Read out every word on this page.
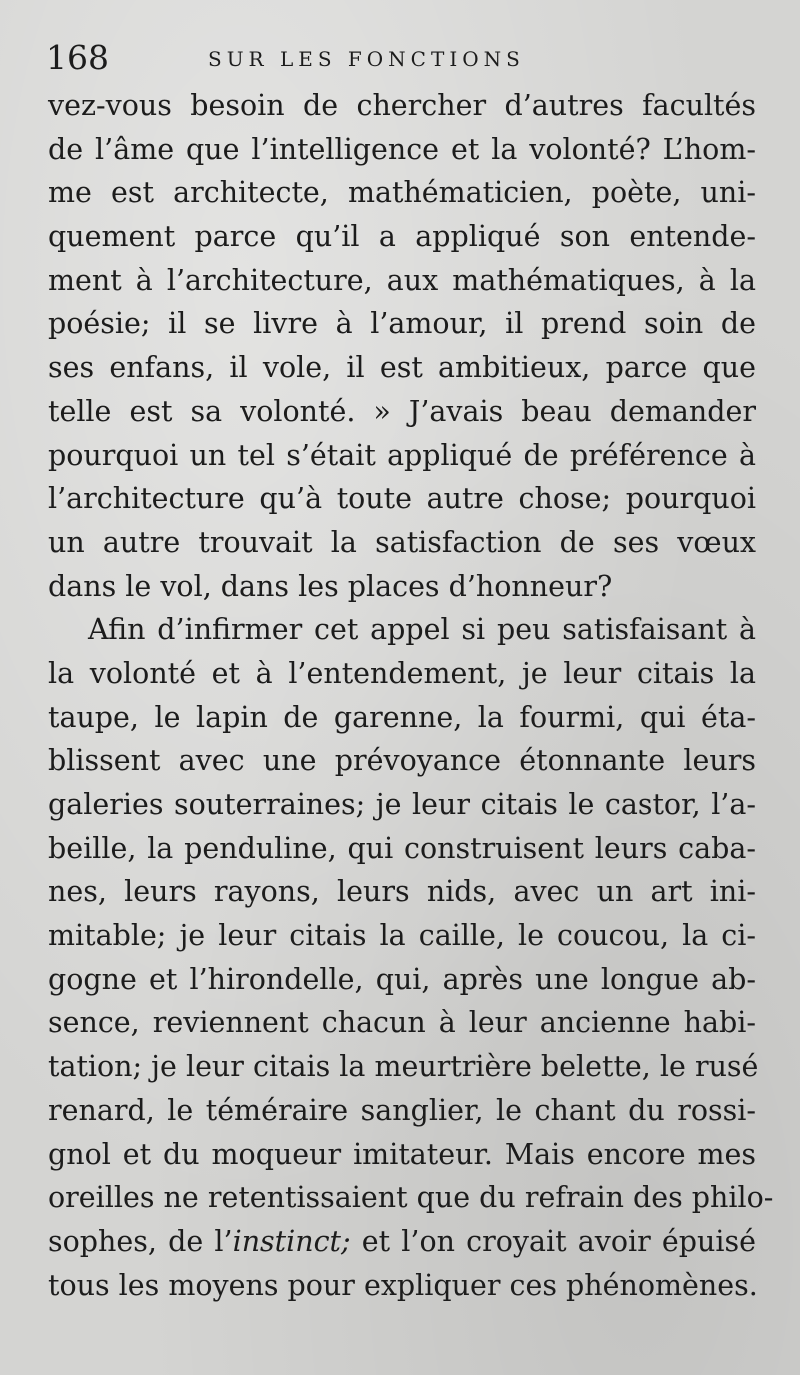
168	SUR LES FONCTIONS
vez-vous besoin de chercher d’autres facultés
de l’âme que l’intelligence et la volonté? L’hom-
me est architecte, mathématicien, poète, uni-
quement parce qu’il a appliqué son entende-
ment à l’architecture, aux mathématiques, à la
poésie; il se livre à l’amour, il prend soin de
ses enfans, il vole, il est ambitieux, parce que
telle est sa volonté. » J’avais beau demander
pourquoi un tel s’était appliqué de préférence à
l’architecture qu’à toute autre chose; pourquoi
un autre trouvait la satisfaction de ses vœux
dans le vol, dans les places d’honneur?
Afin d’infirmer cet appel si peu satisfaisant à
la volonté et à l’entendement, je leur citais la
taupe, le lapin de garenne, la fourmi, qui éta-
blissent avec une prévoyance étonnante leurs
galeries souterraines; je leur citais le castor, l’a-
beille, la penduline, qui construisent leurs caba-
nes, leurs rayons, leurs nids, avec un art ini-
mitable; je leur citais la caille, le coucou, la ci-
gogne et l’hirondelle, qui, après une longue ab-
sence, reviennent chacun à leur ancienne habi-
tation; je leur citais la meurtrière belette, le rusé
renard, le téméraire sanglier, le chant du rossi-
gnol et du moqueur imitateur. Mais encore mes
oreilles ne retentissaient que du refrain des philo-
sophes, de l’instinct; et l’on croyait avoir épuisé
tous les moyens pour expliquer ces phénomènes.
